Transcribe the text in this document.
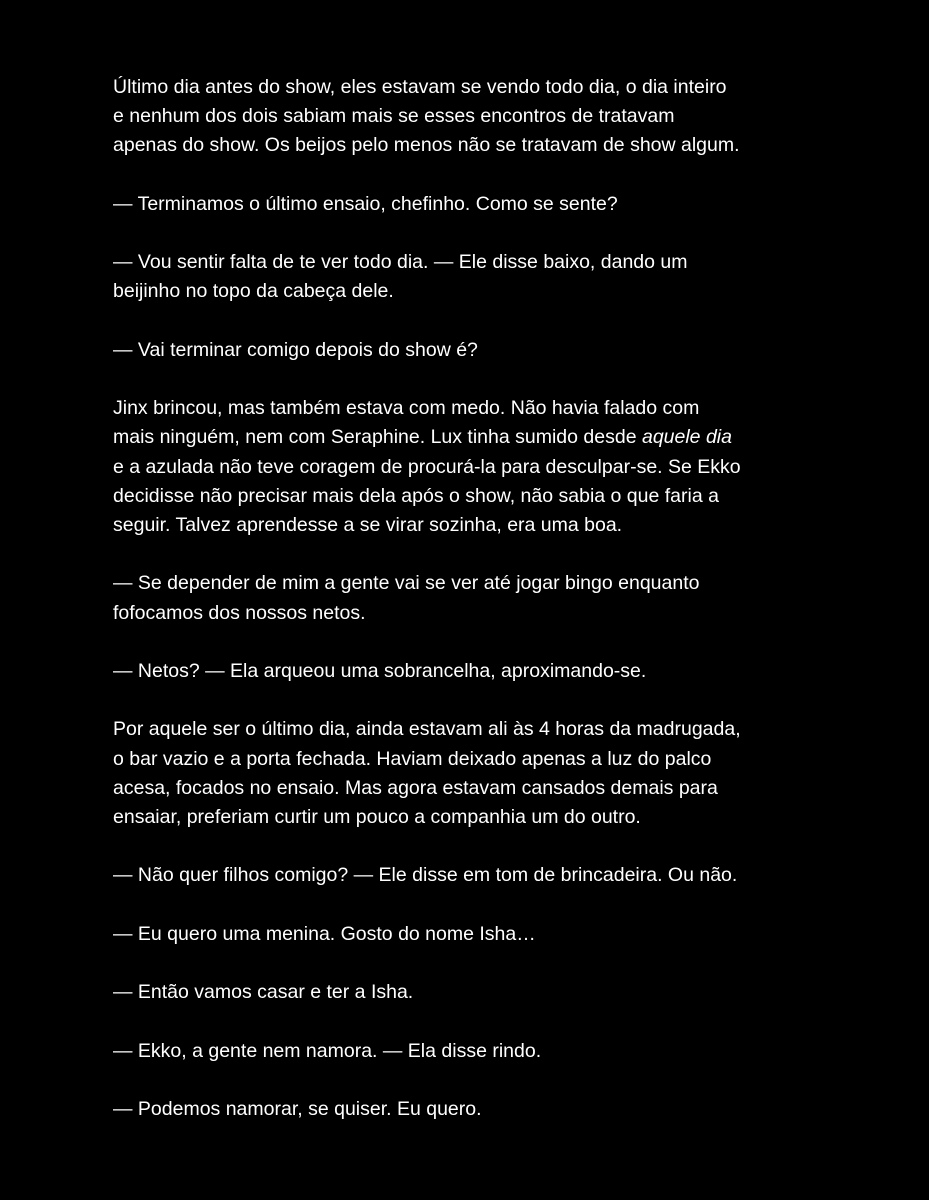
Último dia antes do show, eles estavam se vendo todo dia, o dia inteiro
e nenhum dos dois sabiam mais se esses encontros de tratavam
apenas do show. Os beijos pelo menos não se tratavam de show algum.

— Terminamos o último ensaio, chefinho. Como se sente?

— Vou sentir falta de te ver todo dia. — Ele disse baixo, dando um
beijinho no topo da cabeça dele.

— Vai terminar comigo depois do show é?

Jinx brincou, mas também estava com medo. Não havia falado com
mais ninguém, nem com Seraphine. Lux tinha sumido desde aquele dia
e a azulada não teve coragem de procurá-la para desculpar-se. Se Ekko
decidisse não precisar mais dela após o show, não sabia o que faria a
seguir. Talvez aprendesse a se virar sozinha, era uma boa.

— Se depender de mim a gente vai se ver até jogar bingo enquanto
fofocamos dos nossos netos.

— Netos? — Ela arqueou uma sobrancelha, aproximando-se.

Por aquele ser o último dia, ainda estavam ali às 4 horas da madrugada,
o bar vazio e a porta fechada. Haviam deixado apenas a luz do palco
acesa, focados no ensaio. Mas agora estavam cansados demais para
ensaiar, preferiam curtir um pouco a companhia um do outro.

— Não quer filhos comigo? — Ele disse em tom de brincadeira. Ou não.

— Eu quero uma menina. Gosto do nome Isha…

— Então vamos casar e ter a Isha.

— Ekko, a gente nem namora. — Ela disse rindo.

— Podemos namorar, se quiser. Eu quero.
